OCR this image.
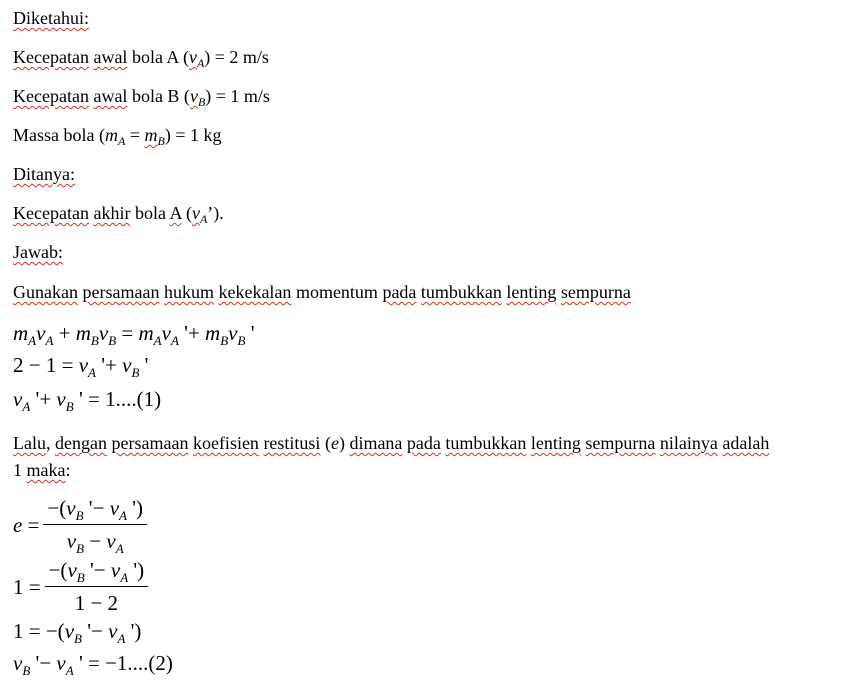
Diketahui:
Kecepatan awal bola A $(v_A) = 2$ m/s
Kecepatan awal bola B $(v_B) = 1$ m/s
Massa bola $(m_A = m_B) = 1$ kg
Ditanya:
Kecepatan akhir bola A $(v_A’)$.
Jawab:
Gunakan persamaan hukum kekekalan momentum pada tumbukkan lenting sempurna
$m_Av_A + m_Bv_B = m_Av_A$ '+ $m_Bv_B$ '
$2 - 1 = v_A$ '+ $v_B$ '
$v_A$ '+ $v_B$ ' = 1....(1)
Lalu, dengan persamaan koefisien restitusi (e) dimana pada tumbukkan lenting sempurna nilainya adalah
1 maka:
$e = \frac{-(v_B '- v_A ')}{v_B - v_A}$
$1 = \frac{-(v_B '- v_A ')}{1 - 2}$
$1 = -(v_B$ '− $v_A$ ')
$v_B$ '− $v_A$ ' = −1....(2)
